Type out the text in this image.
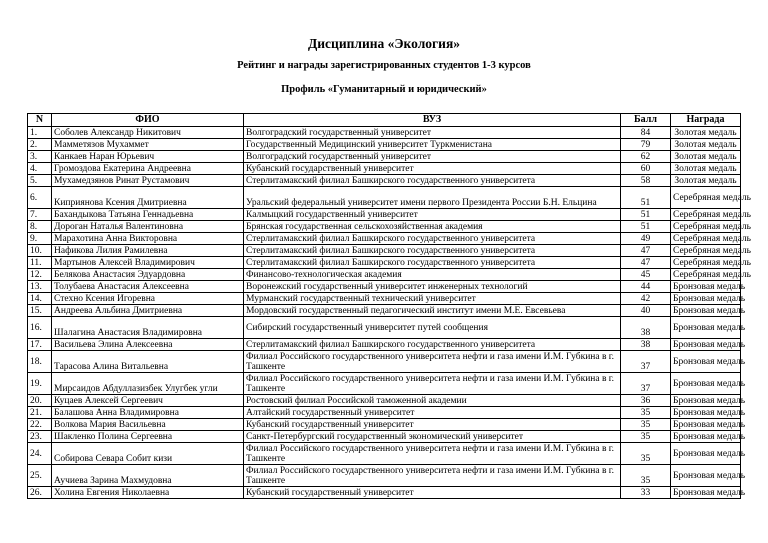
Дисциплина «Экология»
Рейтинг и награды зарегистрированных студентов 1-3 курсов
Профиль «Гуманитарный и юридический»
N	ФИО	ВУЗ	Балл	Награда
1.	Соболев Александр Никитович	Волгоградский государственный университет	84	Золотая медаль
2.	Мамметязов Мухаммет	Государственный Медицинский университет Туркменистана	79	Золотая медаль
3.	Канкаев Наран Юрьевич	Волгоградский государственный университет	62	Золотая медаль
4.	Громоздова Екатерина Андреевна	Кубанский государственный университет	60	Золотая медаль
5.	Мухамедзянов Ринат Рустамович	Стерлитамакский филиал Башкирского государственного университета	58	Золотая медаль
6.	Киприянова Ксения Дмитриевна	Уральский федеральный университет имени первого Президента России Б.Н. Ельцина	51	Серебряная медаль
7.	Бахандыкова Татьяна Геннадьевна	Калмыцкий государственный университет	51	Серебряная медаль
8.	Дороган Наталья Валентиновна	Брянская государственная сельскохозяйственная академия	51	Серебряная медаль
9.	Марахотина Анна Викторовна	Стерлитамакский филиал Башкирского государственного университета	49	Серебряная медаль
10.	Нафикова Лилия Рамилевна	Стерлитамакский филиал Башкирского государственного университета	47	Серебряная медаль
11.	Мартынов Алексей Владимирович	Стерлитамакский филиал Башкирского государственного университета	47	Серебряная медаль
12.	Белякова Анастасия Эдуардовна	Финансово-технологическая академия	45	Серебряная медаль
13.	Толубаева Анастасия Алексеевна	Воронежский государственный университет инженерных технологий	44	Бронзовая медаль
14.	Стехно Ксения Игоревна	Мурманский государственный технический университет	42	Бронзовая медаль
15.	Андреева Альбина Дмитриевна	Мордовский государственный педагогический институт имени М.Е. Евсевьева	40	Бронзовая медаль
16.	Шалагина Анастасия Владимировна	Сибирский государственный университет путей сообщения	38	Бронзовая медаль
17.	Васильева Элина Алексеевна	Стерлитамакский филиал Башкирского государственного университета	38	Бронзовая медаль
18.	Тарасова Алина Витальевна	Филиал Российского государственного университета нефти и газа имени И.М. Губкина в г. Ташкенте	37	Бронзовая медаль
19.	Мирсаидов Абдуллазизбек Улугбек угли	Филиал Российского государственного университета нефти и газа имени И.М. Губкина в г. Ташкенте	37	Бронзовая медаль
20.	Куцаев Алексей Сергеевич	Ростовский филиал Российской таможенной академии	36	Бронзовая медаль
21.	Балашова Анна Владимировна	Алтайский государственный университет	35	Бронзовая медаль
22.	Волкова Мария Васильевна	Кубанский государственный университет	35	Бронзовая медаль
23.	Шакленко Полина Сергеевна	Санкт-Петербургский государственный экономический университет	35	Бронзовая медаль
24.	Собирова Севара Собит кизи	Филиал Российского государственного университета нефти и газа имени И.М. Губкина в г. Ташкенте	35	Бронзовая медаль
25.	Аучиева Зарина Махмудовна	Филиал Российского государственного университета нефти и газа имени И.М. Губкина в г. Ташкенте	35	Бронзовая медаль
26.	Холина Евгения Николаевна	Кубанский государственный университет	33	Бронзовая медаль
